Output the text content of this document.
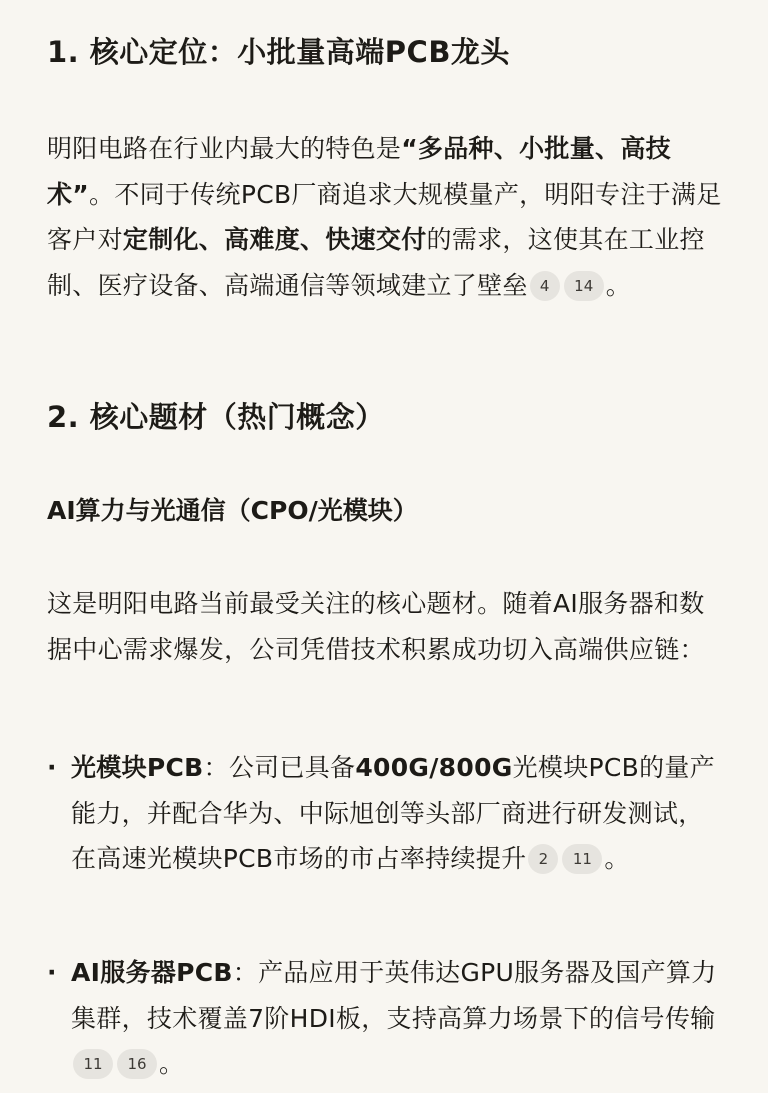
1. 核心定位：小批量高端PCB龙头

明阳电路在行业内最大的特色是“多品种、小批量、高技术”。不同于传统PCB厂商追求大规模量产，明阳专注于满足客户对定制化、高难度、快速交付的需求，这使其在工业控制、医疗设备、高端通信等领域建立了壁垒 4 14 。

2. 核心题材（热门概念）
AI算力与光通信（CPO/光模块）

这是明阳电路当前最受关注的核心题材。随着AI服务器和数据中心需求爆发，公司凭借技术积累成功切入高端供应链：

· 光模块PCB：公司已具备400G/800G光模块PCB的量产能力，并配合华为、中际旭创等头部厂商进行研发测试，在高速光模块PCB市场的市占率持续提升 2 11 。

· AI服务器PCB：产品应用于英伟达GPU服务器及国产算力集群，技术覆盖7阶HDI板，支持高算力场景下的信号传输11 16 。
